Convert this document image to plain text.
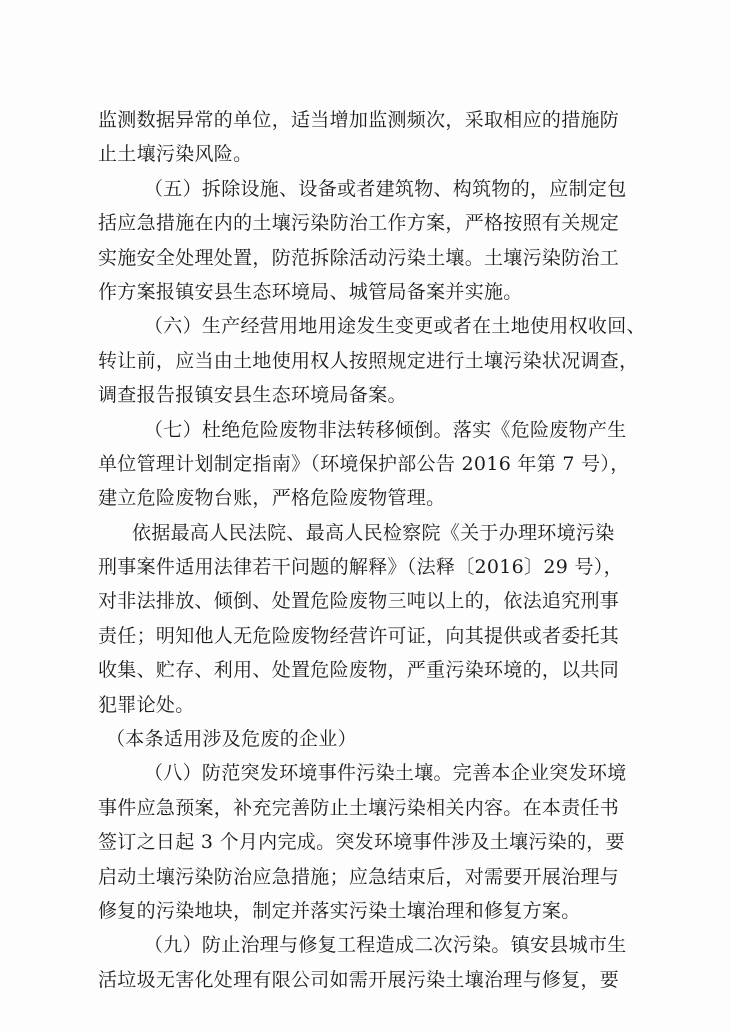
监测数据异常的单位，适当增加监测频次，采取相应的措施防
止土壤污染风险。
（五）拆除设施、设备或者建筑物、构筑物的，应制定包
括应急措施在内的土壤污染防治工作方案，严格按照有关规定
实施安全处理处置，防范拆除活动污染土壤。土壤污染防治工
作方案报镇安县生态环境局、城管局备案并实施。
（六）生产经营用地用途发生变更或者在土地使用权收回、
转让前，应当由土地使用权人按照规定进行土壤污染状况调查，
调查报告报镇安县生态环境局备案。
（七）杜绝危险废物非法转移倾倒。落实《危险废物产生
单位管理计划制定指南》（环境保护部公告 2016 年第 7 号），
建立危险废物台账，严格危险废物管理。
依据最高人民法院、最高人民检察院《关于办理环境污染
刑事案件适用法律若干问题的解释》（法释〔2016〕29 号），
对非法排放、倾倒、处置危险废物三吨以上的，依法追究刑事
责任；明知他人无危险废物经营许可证，向其提供或者委托其
收集、贮存、利用、处置危险废物，严重污染环境的，以共同
犯罪论处。
（本条适用涉及危废的企业）
（八）防范突发环境事件污染土壤。完善本企业突发环境
事件应急预案，补充完善防止土壤污染相关内容。在本责任书
签订之日起 3 个月内完成。突发环境事件涉及土壤污染的，要
启动土壤污染防治应急措施；应急结束后，对需要开展治理与
修复的污染地块，制定并落实污染土壤治理和修复方案。
（九）防止治理与修复工程造成二次污染。镇安县城市生
活垃圾无害化处理有限公司如需开展污染土壤治理与修复，要
